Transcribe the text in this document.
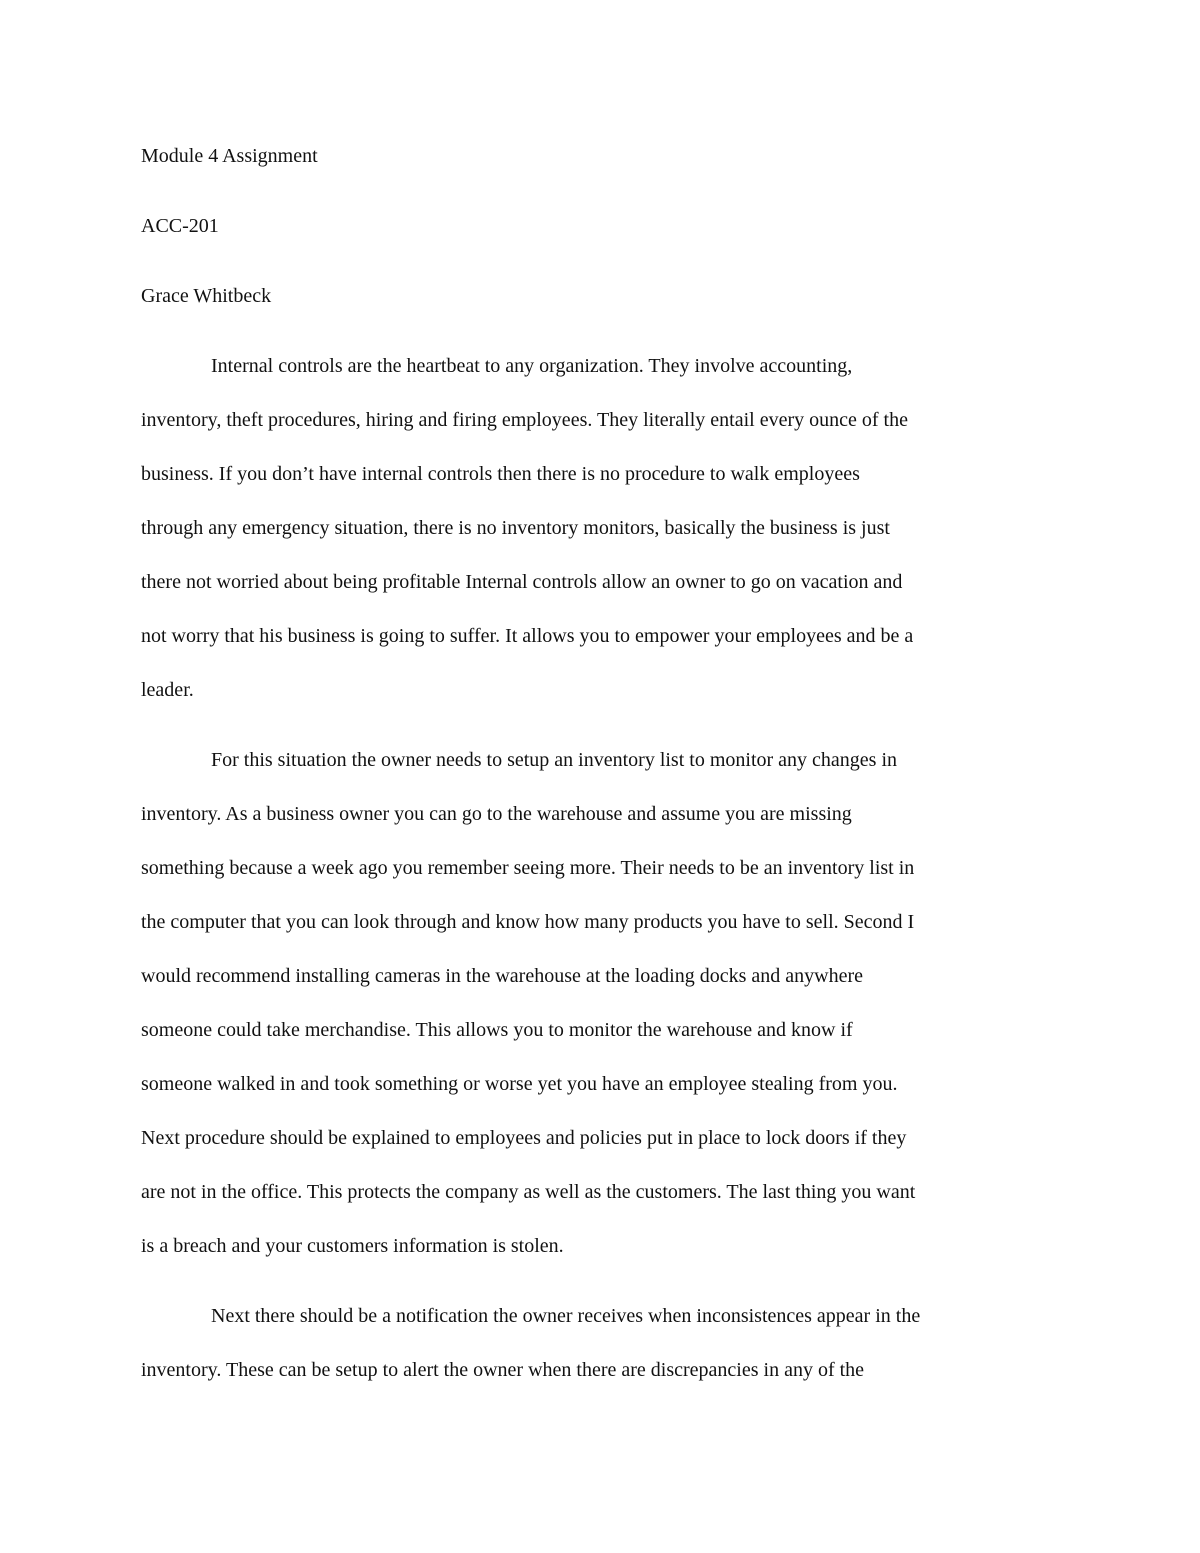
Module 4 Assignment

ACC-201

Grace Whitbeck

Internal controls are the heartbeat to any organization. They involve accounting,

inventory, theft procedures, hiring and firing employees. They literally entail every ounce of the

business. If you don’t have internal controls then there is no procedure to walk employees

through any emergency situation, there is no inventory monitors, basically the business is just

there not worried about being profitable Internal controls allow an owner to go on vacation and

not worry that his business is going to suffer. It allows you to empower your employees and be a

leader.

For this situation the owner needs to setup an inventory list to monitor any changes in

inventory. As a business owner you can go to the warehouse and assume you are missing

something because a week ago you remember seeing more. Their needs to be an inventory list in

the computer that you can look through and know how many products you have to sell. Second I

would recommend installing cameras in the warehouse at the loading docks and anywhere

someone could take merchandise. This allows you to monitor the warehouse and know if

someone walked in and took something or worse yet you have an employee stealing from you.

Next procedure should be explained to employees and policies put in place to lock doors if they

are not in the office. This protects the company as well as the customers. The last thing you want

is a breach and your customers information is stolen.

Next there should be a notification the owner receives when inconsistences appear in the

inventory. These can be setup to alert the owner when there are discrepancies in any of the
